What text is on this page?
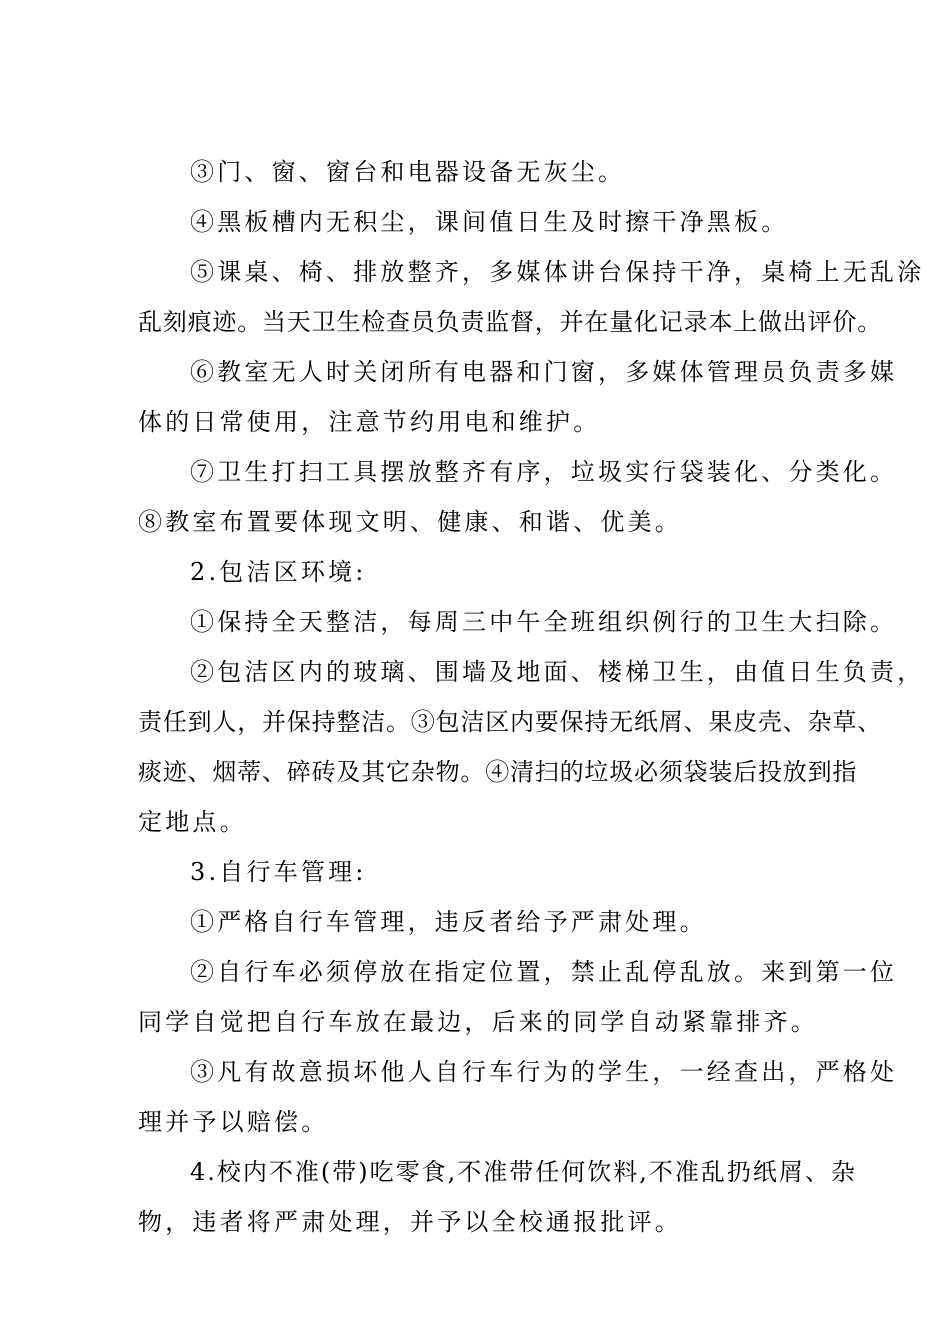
③门、窗、窗台和电器设备无灰尘。
④黑板槽内无积尘，课间值日生及时擦干净黑板。
⑤课桌、椅、排放整齐，多媒体讲台保持干净，桌椅上无乱涂
乱刻痕迹。当天卫生检查员负责监督，并在量化记录本上做出评价。
⑥教室无人时关闭所有电器和门窗，多媒体管理员负责多媒
体的日常使用，注意节约用电和维护。
⑦卫生打扫工具摆放整齐有序，垃圾实行袋装化、分类化。
⑧教室布置要体现文明、健康、和谐、优美。
2.包洁区环境:
①保持全天整洁，每周三中午全班组织例行的卫生大扫除。
②包洁区内的玻璃、围墙及地面、楼梯卫生，由值日生负责，
责任到人，并保持整洁。③包洁区内要保持无纸屑、果皮壳、杂草、
痰迹、烟蒂、碎砖及其它杂物。④清扫的垃圾必须袋装后投放到指
定地点。
3.自行车管理:
①严格自行车管理，违反者给予严肃处理。
②自行车必须停放在指定位置，禁止乱停乱放。来到第一位
同学自觉把自行车放在最边，后来的同学自动紧靠排齐。
③凡有故意损坏他人自行车行为的学生，一经查出，严格处
理并予以赔偿。
4.校内不准(带)吃零食,不准带任何饮料,不准乱扔纸屑、杂
物，违者将严肃处理，并予以全校通报批评。
